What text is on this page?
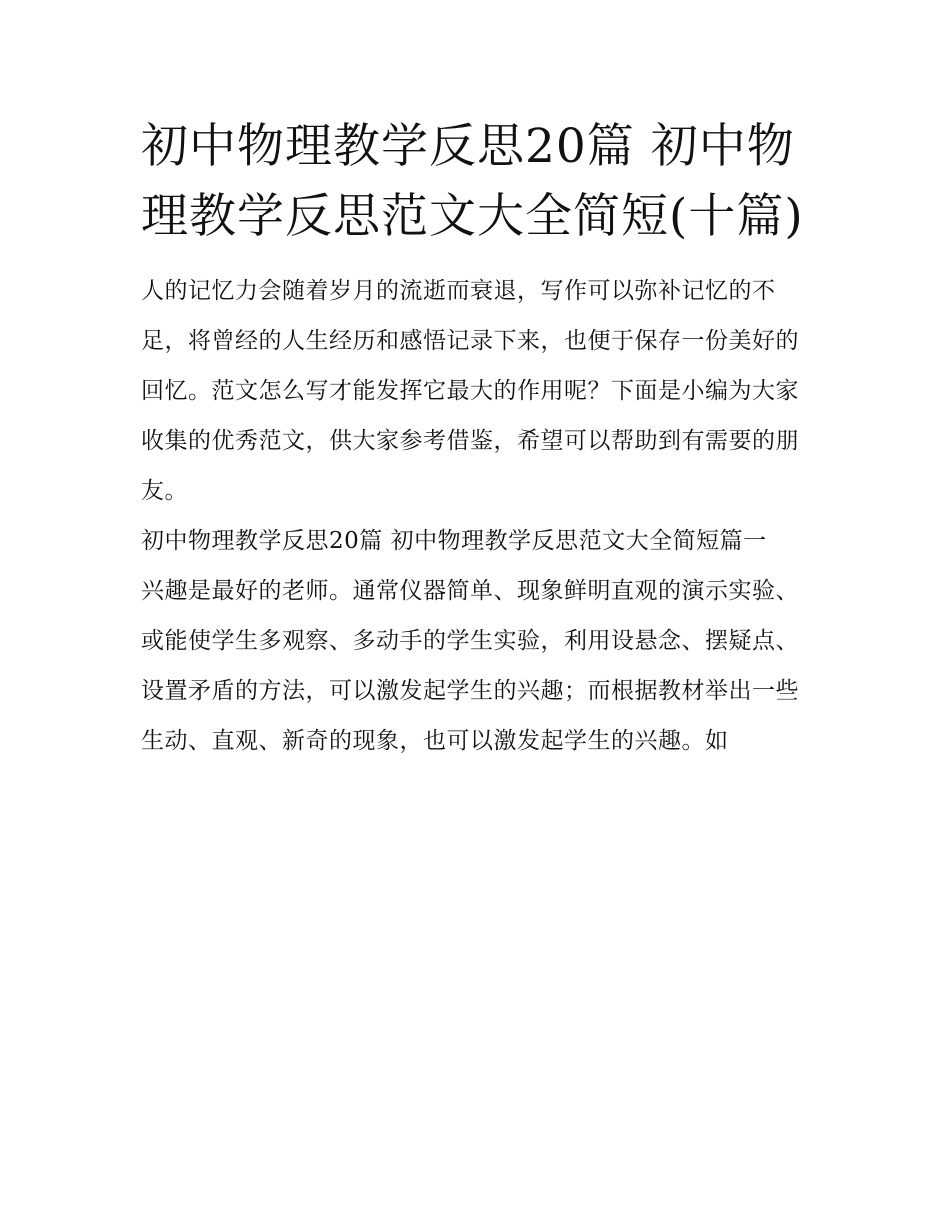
初中物理教学反思20篇 初中物理教学反思范文大全简短(十篇)

人的记忆力会随着岁月的流逝而衰退，写作可以弥补记忆的不足，将曾经的人生经历和感悟记录下来，也便于保存一份美好的回忆。范文怎么写才能发挥它最大的作用呢？下面是小编为大家收集的优秀范文，供大家参考借鉴，希望可以帮助到有需要的朋友。

初中物理教学反思20篇 初中物理教学反思范文大全简短篇一

兴趣是最好的老师。通常仪器简单、现象鲜明直观的演示实验、或能使学生多观察、多动手的学生实验，利用设悬念、摆疑点、设置矛盾的方法，可以激发起学生的兴趣；而根据教材举出一些生动、直观、新奇的现象，也可以激发起学生的兴趣。如
